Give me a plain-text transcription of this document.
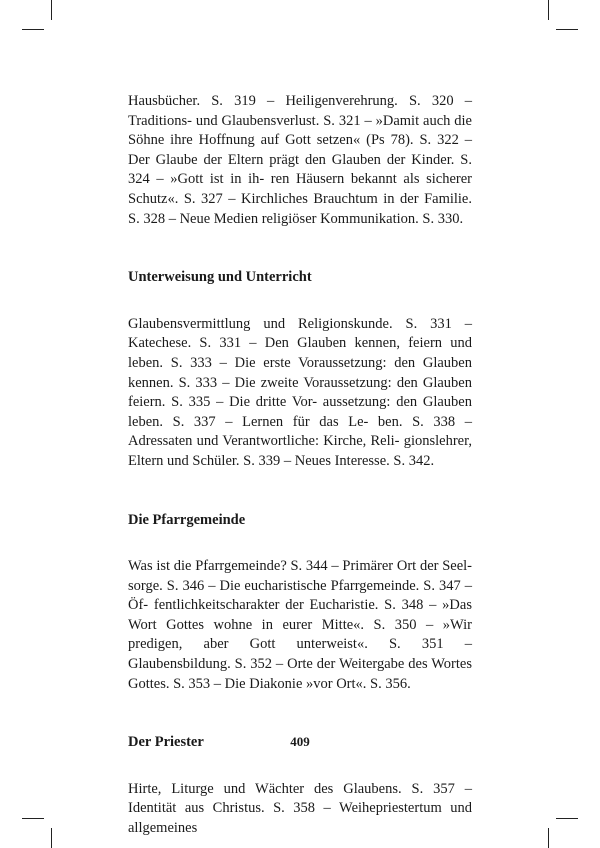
Hausbücher. S. 319 – Heiligenverehrung. S. 320 – Traditions- und Glaubensverlust. S. 321 – »Damit auch die Söhne ihre Hoffnung auf Gott setzen« (Ps 78). S. 322 – Der Glaube der Eltern prägt den Glauben der Kinder. S. 324 – »Gott ist in ih- ren Häusern bekannt als sicherer Schutz«. S. 327 – Kirchliches Brauchtum in der Familie. S. 328 – Neue Medien religiöser Kommunikation. S. 330.

Unterweisung und Unterricht

Glaubensvermittlung und Religionskunde. S. 331 – Katechese. S. 331 – Den Glauben kennen, feiern und leben. S. 333 – Die erste Voraussetzung: den Glauben kennen. S. 333 – Die zweite Voraussetzung: den Glauben feiern. S. 335 – Die dritte Vor- aussetzung: den Glauben leben. S. 337 – Lernen für das Le- ben. S. 338 – Adressaten und Verantwortliche: Kirche, Reli- gionslehrer, Eltern und Schüler. S. 339 – Neues Interesse. S. 342.

Die Pfarrgemeinde

Was ist die Pfarrgemeinde? S. 344 – Primärer Ort der Seel- sorge. S. 346 – Die eucharistische Pfarrgemeinde. S. 347 – Öf- fentlichkeitscharakter der Eucharistie. S. 348 – »Das Wort Gottes wohne in eurer Mitte«. S. 350 – »Wir predigen, aber Gott unterweist«. S. 351 – Glaubensbildung. S. 352 – Orte der Weitergabe des Wortes Gottes. S. 353 – Die Diakonie »vor Ort«. S. 356.

Der Priester

Hirte, Liturge und Wächter des Glaubens. S. 357 – Identität aus Christus. S. 358 – Weihepriestertum und allgemeines

409
